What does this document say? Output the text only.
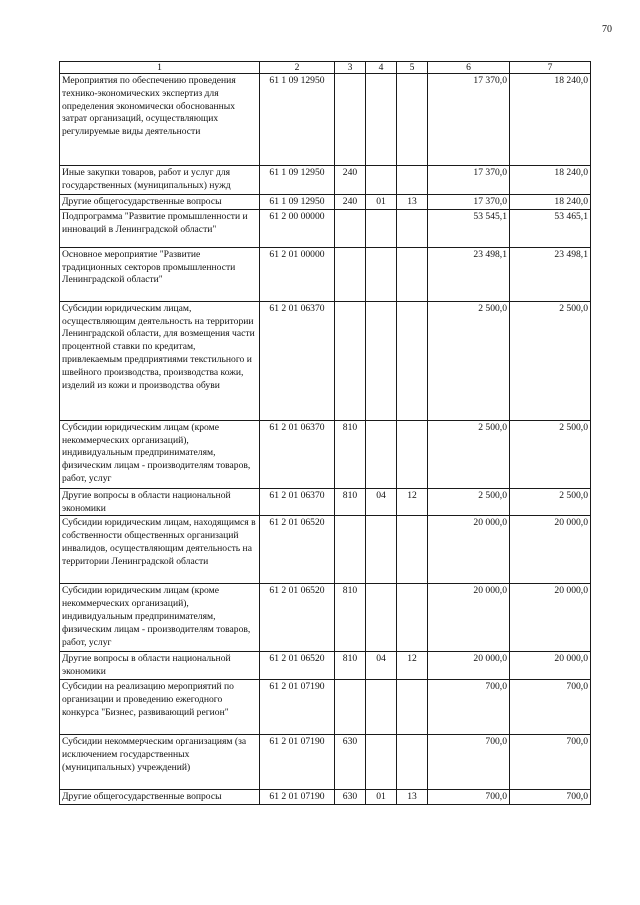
70
1	2	3	4	5	6	7
Мероприятия по обеспечению проведения технико-экономических экспертиз для определения экономически обоснованных затрат организаций, осуществляющих регулируемые виды деятельности	61 1 09 12950				17 370,0	18 240,0
Иные закупки товаров, работ и услуг для государственных (муниципальных) нужд	61 1 09 12950	240			17 370,0	18 240,0
Другие общегосударственные вопросы	61 1 09 12950	240	01	13	17 370,0	18 240,0
Подпрограмма "Развитие промышленности и инноваций в Ленинградской области"	61 2 00 00000				53 545,1	53 465,1
Основное мероприятие "Развитие традиционных секторов промышленности Ленинградской области"	61 2 01 00000				23 498,1	23 498,1
Субсидии юридическим лицам, осуществляющим деятельность на территории Ленинградской области, для возмещения части процентной ставки по кредитам, привлекаемым предприятиями текстильного и швейного производства, производства кожи, изделий из кожи и производства обуви	61 2 01 06370				2 500,0	2 500,0
Субсидии юридическим лицам (кроме некоммерческих организаций), индивидуальным предпринимателям, физическим лицам - производителям товаров, работ, услуг	61 2 01 06370	810			2 500,0	2 500,0
Другие вопросы в области национальной экономики	61 2 01 06370	810	04	12	2 500,0	2 500,0
Субсидии юридическим лицам, находящимся в собственности общественных организаций инвалидов, осуществляющим деятельность на территории Ленинградской области	61 2 01 06520				20 000,0	20 000,0
Субсидии юридическим лицам (кроме некоммерческих организаций), индивидуальным предпринимателям, физическим лицам - производителям товаров, работ, услуг	61 2 01 06520	810			20 000,0	20 000,0
Другие вопросы в области национальной экономики	61 2 01 06520	810	04	12	20 000,0	20 000,0
Субсидии на реализацию мероприятий по организации и проведению ежегодного конкурса "Бизнес, развивающий регион"	61 2 01 07190				700,0	700,0
Субсидии некоммерческим организациям (за исключением государственных (муниципальных) учреждений)	61 2 01 07190	630			700,0	700,0
Другие общегосударственные вопросы	61 2 01 07190	630	01	13	700,0	700,0
